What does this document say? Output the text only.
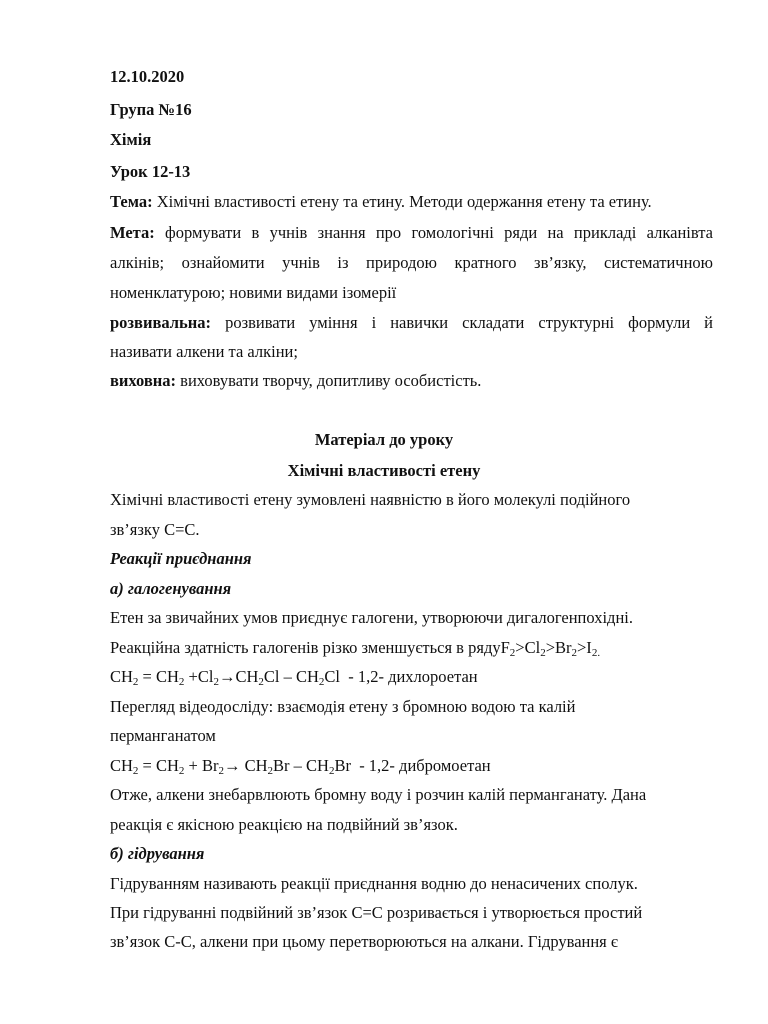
12.10.2020
Група №16
Хімія
Урок 12-13
Тема: Хімічні властивості етену та етину. Методи одержання етену та етину.
Мета: формувати в учнів знання про гомологічні ряди на прикладі алканівта
алкінів; ознайомити учнів із природою кратного зв’язку, систематичною
номенклатурою; новими видами ізомерії
розвивальна: розвивати уміння і навички складати структурні формули й
називати алкени та алкіни;
виховна: виховувати творчу, допитливу особистість.
Матеріал до уроку
Хімічні властивості етену
Хімічні властивості етену зумовлені наявністю в його молекулі подійного
зв’язку С=С.
Реакції приєднання
а) галогенування
Етен за звичайних умов приєднує галогени, утворюючи дигалогенпохідні.
Реакційна здатність галогенів різко зменшується в $рядуF_2>Cl_2>Br_2>I_{2.}$
$CH_2 = CH_2 +Cl_2\to CH_2Cl - CH_2Cl - 1,2-$ дихлороетан
Перегляд відеодосліду: взаємодія етену з бромною водою та калій
перманганатом
$CH_2 = CH_2 + Br_2\to CH_2Br - CH_2Br - 1,2-$ дибромоетан
Отже, алкени знебарвлюють бромну воду і розчин калій перманганату. Дана
реакція є якісною реакцією на подвійний зв’язок.
б) гідрування
Гідруванням називають реакції приєднання водню до ненасичених сполук.
При гідруванні подвійний зв’язок С=С розривається і утворюється простий
зв’язок С-С, алкени при цьому перетворюються на алкани. Гідрування є
